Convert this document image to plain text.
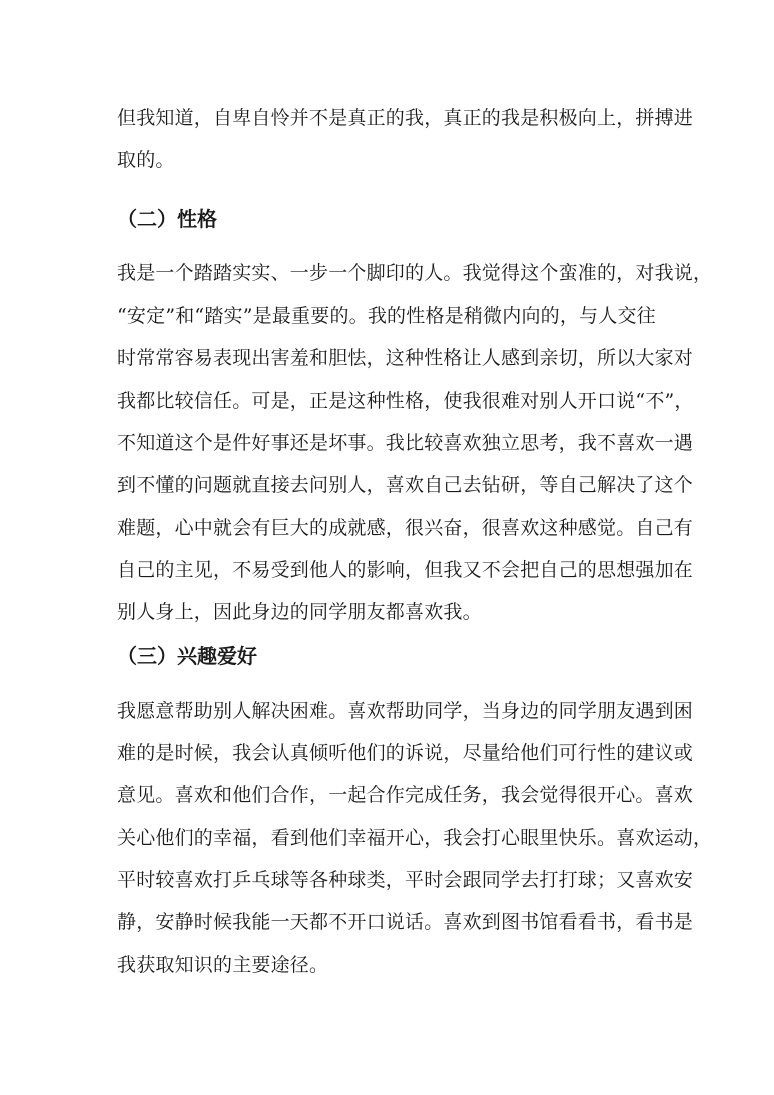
但我知道，自卑自怜并不是真正的我，真正的我是积极向上，拼搏进
取的。
（二）性格
我是一个踏踏实实、一步一个脚印的人。我觉得这个蛮准的，对我说，
“安定”和“踏实”是最重要的。我的性格是稍微内向的，与人交往
时常常容易表现出害羞和胆怯，这种性格让人感到亲切，所以大家对
我都比较信任。可是，正是这种性格，使我很难对别人开口说“不”，
不知道这个是件好事还是坏事。我比较喜欢独立思考，我不喜欢一遇
到不懂的问题就直接去问别人，喜欢自己去钻研，等自己解决了这个
难题，心中就会有巨大的成就感，很兴奋，很喜欢这种感觉。自己有
自己的主见，不易受到他人的影响，但我又不会把自己的思想强加在
别人身上，因此身边的同学朋友都喜欢我。
（三）兴趣爱好
我愿意帮助别人解决困难。喜欢帮助同学，当身边的同学朋友遇到困
难的是时候，我会认真倾听他们的诉说，尽量给他们可行性的建议或
意见。喜欢和他们合作，一起合作完成任务，我会觉得很开心。喜欢
关心他们的幸福，看到他们幸福开心，我会打心眼里快乐。喜欢运动，
平时较喜欢打乒乓球等各种球类，平时会跟同学去打打球；又喜欢安
静，安静时候我能一天都不开口说话。喜欢到图书馆看看书，看书是
我获取知识的主要途径。
